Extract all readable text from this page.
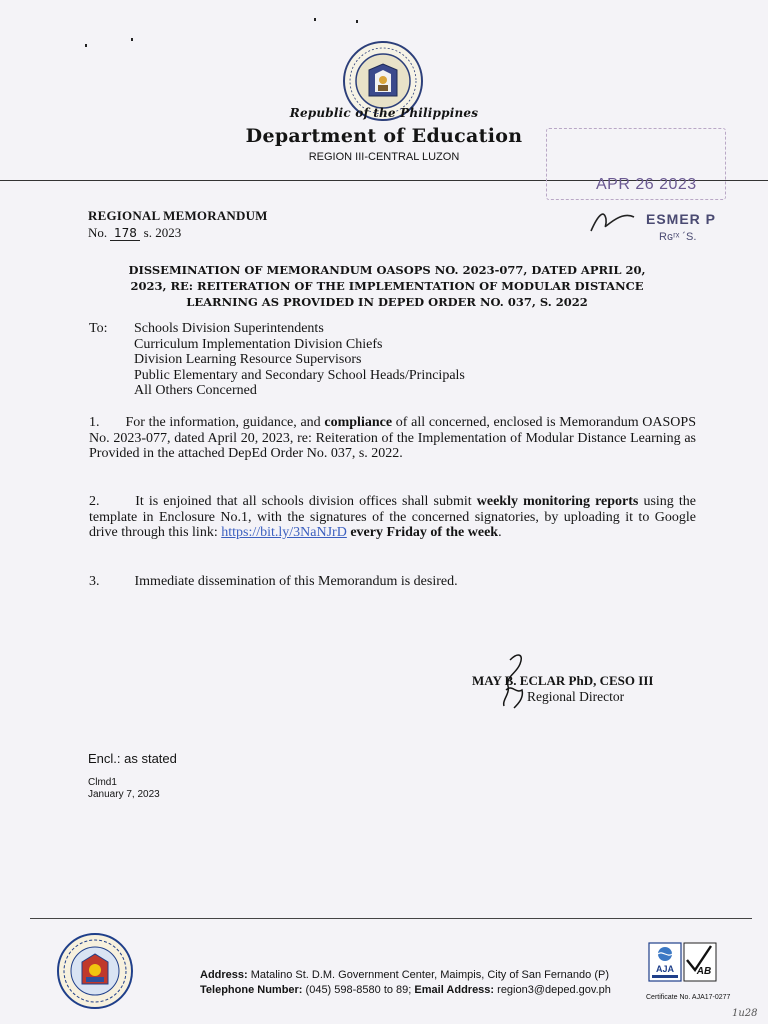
Republic of the Philippines
Department of Education
REGION III-CENTRAL LUZON
APR 26 2023
ESMER P
Rɢʳˣ ´S.
REGIONAL MEMORANDUM
No. 178 s. 2023
DISSEMINATION OF MEMORANDUM OASOPS NO. 2023-077, DATED APRIL 20,
2023, RE: REITERATION OF THE IMPLEMENTATION OF MODULAR DISTANCE
LEARNING AS PROVIDED IN DEPED ORDER NO. 037, S. 2022
To: Schools Division Superintendents
Curriculum Implementation Division Chiefs
Division Learning Resource Supervisors
Public Elementary and Secondary School Heads/Principals
All Others Concerned
1. For the information, guidance, and compliance of all concerned, enclosed is Memorandum OASOPS No. 2023-077, dated April 20, 2023, re: Reiteration of the Implementation of Modular Distance Learning as Provided in the attached DepEd Order No. 037, s. 2022.
2.	It is enjoined that all schools division offices shall submit weekly monitoring reports using the template in Enclosure No.1, with the signatures of the concerned signatories, by uploading it to Google drive through this link: https://bit.ly/3NaNJrD every Friday of the week.
3.	Immediate dissemination of this Memorandum is desired.
MAY B. ECLAR PhD, CESO III
Regional Director
Encl.: as stated
Clmd1
January 7, 2023
Address: Matalino St. D.M. Government Center, Maimpis, City of San Fernando (P)
Telephone Number: (045) 598-8580 to 89; Email Address: region3@deped.gov.ph
AJA AB
Certificate No. AJA17-0277
1u28
